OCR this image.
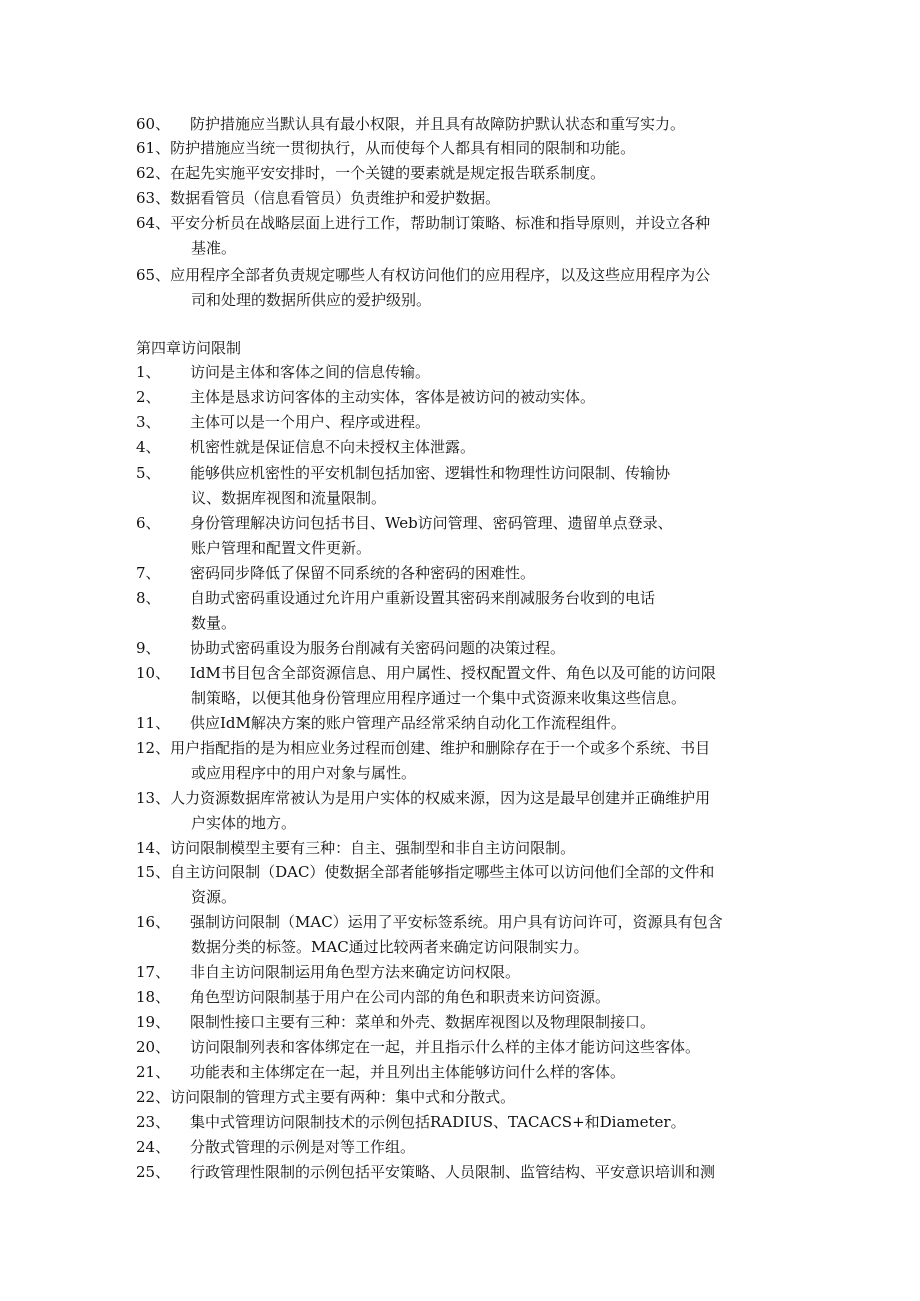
60、 防护措施应当默认具有最小权限，并且具有故障防护默认状态和重写实力。
61、防护措施应当统一贯彻执行，从而使每个人都具有相同的限制和功能。
62、在起先实施平安安排时，一个关键的要素就是规定报告联系制度。
63、数据看管员（信息看管员）负责维护和爱护数据。
64、平安分析员在战略层面上进行工作，帮助制订策略、标准和指导原则，并设立各种
基准。
65、应用程序全部者负责规定哪些人有权访问他们的应用程序，以及这些应用程序为公
司和处理的数据所供应的爱护级别。
第四章访问限制
1、 访问是主体和客体之间的信息传输。
2、 主体是恳求访问客体的主动实体，客体是被访问的被动实体。
3、 主体可以是一个用户、程序或进程。
4、 机密性就是保证信息不向未授权主体泄露。
5、 能够供应机密性的平安机制包括加密、逻辑性和物理性访问限制、传输协
议、数据库视图和流量限制。
6、 身份管理解决访问包括书目、Web访问管理、密码管理、遗留单点登录、
账户管理和配置文件更新。
7、 密码同步降低了保留不同系统的各种密码的困难性。
8、 自助式密码重设通过允许用户重新设置其密码来削减服务台收到的电话
数量。
9、 协助式密码重设为服务台削减有关密码问题的决策过程。
10、 IdM书目包含全部资源信息、用户属性、授权配置文件、角色以及可能的访问限
制策略，以便其他身份管理应用程序通过一个集中式资源来收集这些信息。
11、 供应IdM解决方案的账户管理产品经常采纳自动化工作流程组件。
12、用户指配指的是为相应业务过程而创建、维护和删除存在于一个或多个系统、书目
或应用程序中的用户对象与属性。
13、人力资源数据库常被认为是用户实体的权威来源，因为这是最早创建并正确维护用
户实体的地方。
14、访问限制模型主要有三种：自主、强制型和非自主访问限制。
15、自主访问限制（DAC）使数据全部者能够指定哪些主体可以访问他们全部的文件和
资源。
16、 强制访问限制（MAC）运用了平安标签系统。用户具有访问许可，资源具有包含
数据分类的标签。MAC通过比较两者来确定访问限制实力。
17、 非自主访问限制运用角色型方法来确定访问权限。
18、 角色型访问限制基于用户在公司内部的角色和职责来访问资源。
19、 限制性接口主要有三种：菜单和外壳、数据库视图以及物理限制接口。
20、 访问限制列表和客体绑定在一起，并且指示什么样的主体才能访问这些客体。
21、 功能表和主体绑定在一起，并且列出主体能够访问什么样的客体。
22、访问限制的管理方式主要有两种：集中式和分散式。
23、 集中式管理访问限制技术的示例包括RADIUS、TACACS+和Diameter。
24、 分散式管理的示例是对等工作组。
25、 行政管理性限制的示例包括平安策略、人员限制、监管结构、平安意识培训和测
